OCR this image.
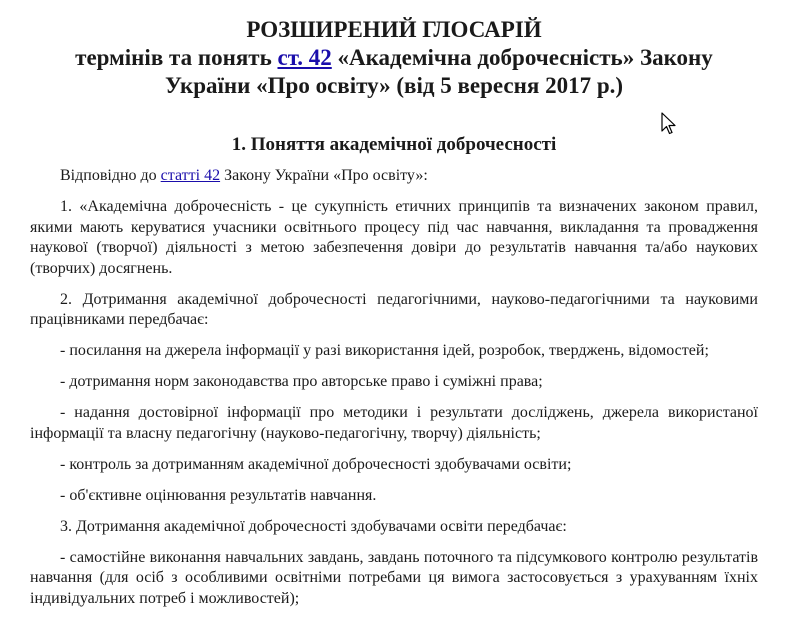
РОЗШИРЕНИЙ ГЛОСАРІЙ
термінів та понять ст. 42 «Академічна доброчесність» Закону
України «Про освіту» (від 5 вересня 2017 р.)
1. Поняття академічної доброчесності

Відповідно до статті 42 Закону України «Про освіту»:

1. «Академічна доброчесність - це сукупність етичних принципів та визначених законом правил, якими мають керуватися учасники освітнього процесу під час навчання, викладання та провадження наукової (творчої) діяльності з метою забезпечення довіри до результатів навчання та/або наукових (творчих) досягнень.

2. Дотримання академічної доброчесності педагогічними, науково-педагогічними та науковими працівниками передбачає:

- посилання на джерела інформації у разі використання ідей, розробок, тверджень, відомостей;

- дотримання норм законодавства про авторське право і суміжні права;

- надання достовірної інформації про методики і результати досліджень, джерела використаної інформації та власну педагогічну (науково-педагогічну, творчу) діяльність;

- контроль за дотриманням академічної доброчесності здобувачами освіти;

- об'єктивне оцінювання результатів навчання.

3. Дотримання академічної доброчесності здобувачами освіти передбачає:

- самостійне виконання навчальних завдань, завдань поточного та підсумкового контролю результатів навчання (для осіб з особливими освітніми потребами ця вимога застосовується з урахуванням їхніх індивідуальних потреб і можливостей);
